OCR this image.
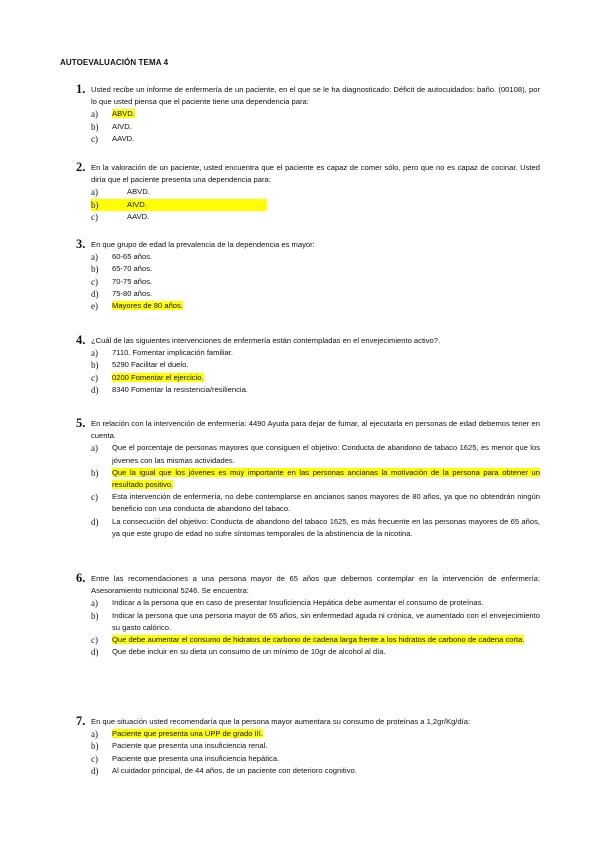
AUTOEVALUACIÓN TEMA 4
1. Usted recibe un informe de enfermería de un paciente, en el que se le ha diagnosticado: Déficit de autocuidados: baño. (00108), por lo que usted piensa que el paciente tiene una dependencia para:
a) ABVD.
b) AIVD.
c) AAVD.
2. En la valoración de un paciente, usted encuentra que el paciente es capaz de comer sólo, pero que no es capaz de cocinar. Usted diría que el paciente presenta una dependencia para:
a)	ABVD.
b)	AIVD.
c)	AAVD.
3. En que grupo de edad la prevalencia de la dependencia es mayor:
a) 60-65 años.
b) 65-70 años.
c) 70-75 años.
d) 75-80 años.
e) Mayores de 80 años.
4. ¿Cuál de las siguientes intervenciones de enfermería están contempladas en el envejecimiento activo?.
a) 7110. Fomentar implicación familiar.
b) 5290 Facilitar el duelo.
c) 0200 Fomentar el ejercicio.
d) 8340 Fomentar la resistencia/resiliencia.
5. En relación con la intervención de enfermería: 4490 Ayuda para dejar de fumar, al ejecutarla en personas de edad debemos tener en cuenta.
a) Que el porcentaje de personas mayores que consiguen el objetivo: Conducta de abandono de tabaco 1625, es menor que los jóvenes con las mismas actividades.
b) Que la igual que los jóvenes es muy importante en las personas ancianas la motivación de la persona para obtener un resultado positivo.
c) Esta intervención de enfermería, no debe contemplarse en ancianos sanos mayores de 80 años, ya que no obtendrán ningún beneficio con una conducta de abandono del tabaco.
d) La consecución del objetivo: Conducta de abandono del tabaco 1625, es más frecuente en las personas mayores de 65 años, ya que este grupo de edad no sufre síntomas temporales de la abstinencia de la nicotina.
6. Entre las recomendaciones a una persona mayor de 65 años que debemos contemplar en la intervención de enfermería: Asesoramiento nutricional 5246. Se encuentra:
a) Indicar a la persona que en caso de presentar Insuficiencia Hepática debe aumentar el consumo de proteínas.
b) Indicar la persona que una persona mayor de 65 años, sin enfermedad aguda ni crónica, ve aumentado con el envejecimiento su gasto calórico.
c) Que debe aumentar el consumo de hidratos de carbono de cadena larga frente a los hidratos de carbono de cadena corta.
d) Que debe incluir en su dieta un consumo de un mínimo de 10gr de alcohol al día.
7. En que situación usted recomendaría que la persona mayor aumentara su consumo de proteínas a 1,2gr/Kg/día:
a) Paciente que presenta una UPP de grado III.
b) Paciente que presenta una insuficiencia renal.
c) Paciente que presenta una insuficiencia hepática.
d) Al cuidador principal, de 44 años, de un paciente con deterioro cognitivo.
